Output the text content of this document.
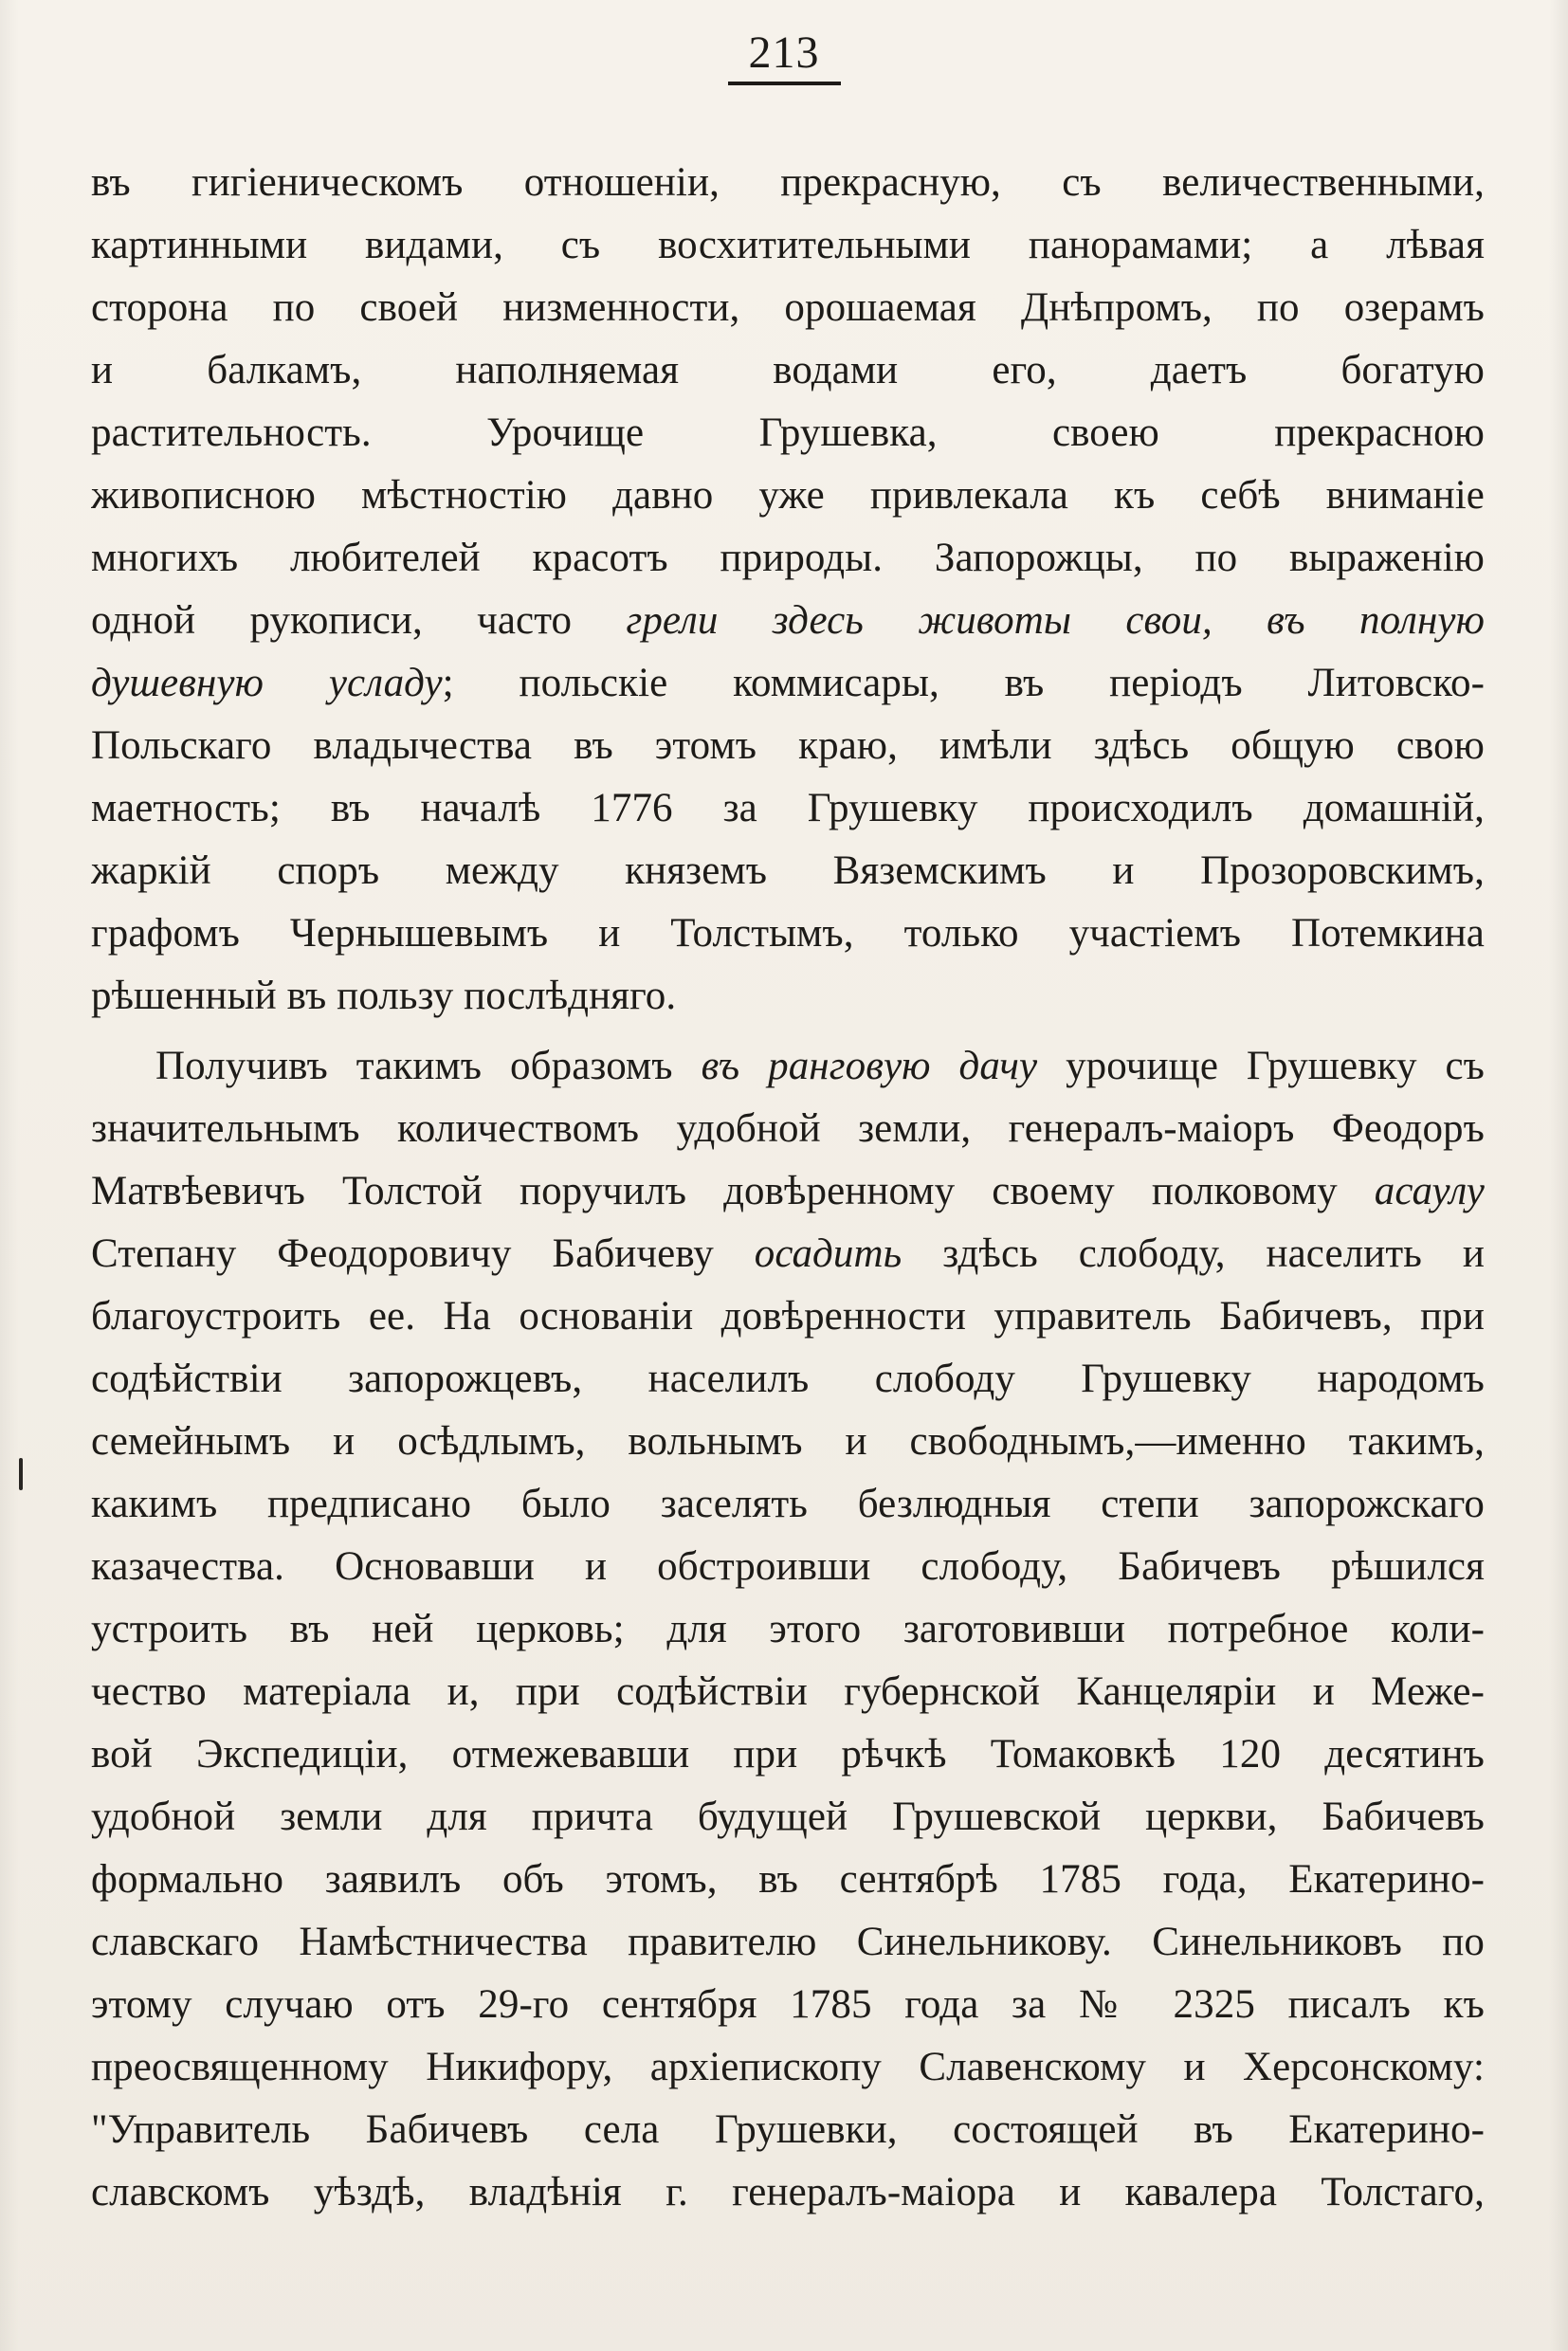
213
въ гигіеническомъ отношеніи, прекрасную, съ величественными,
картинными видами, съ восхитительными панорамами; а лѣвая
сторона по своей низменности, орошаемая Днѣпромъ, по озерамъ
и балкамъ, наполняемая водами его, даетъ богатую
растительность. Урочище Грушевка, своею прекрасною
живописною мѣстностію давно уже привлекала къ себѣ вниманіе
многихъ любителей красотъ природы. Запорожцы, по выраженію
одной рукописи, часто грели здесь животы свои, въ полную
душевную усладу; польскіе коммисары, въ періодъ Литовско-
Польскаго владычества въ этомъ краю, имѣли здѣсь общую свою
маетность; въ началѣ 1776 за Грушевку происходилъ домашній,
жаркій споръ между княземъ Вяземскимъ и Прозоровскимъ,
графомъ Чернышевымъ и Толстымъ, только участіемъ Потемкина
рѣшенный въ пользу послѣдняго.
Получивъ такимъ образомъ въ ранговую дачу урочище Грушевку съ
значительнымъ количествомъ удобной земли, генералъ-маіоръ Феодоръ
Матвѣевичъ Толстой поручилъ довѣренному своему полковому асаулу
Степану Феодоровичу Бабичеву осадить здѣсь слободу, населить и
благоустроить ее. На основаніи довѣренности управитель Бабичевъ, при
содѣйствіи запорожцевъ, населилъ слободу Грушевку народомъ
семейнымъ и осѣдлымъ, вольнымъ и свободнымъ,—именно такимъ,
какимъ предписано было заселять безлюдныя степи запорожскаго
казачества. Основавши и обстроивши слободу, Бабичевъ рѣшился
устроить въ ней церковь; для этого заготовивши потребное коли-
чество матеріала и, при содѣйствіи губернской Канцеляріи и Меже-
вой Экспедиціи, отмежевавши при рѣчкѣ Томаковкѣ 120 десятинъ
удобной земли для причта будущей Грушевской церкви, Бабичевъ
формально заявилъ объ этомъ, въ сентябрѣ 1785 года, Екатерино-
славскаго Намѣстничества правителю Синельникову. Синельниковъ по
этому случаю отъ 29-го сентября 1785 года за № 2325 писалъ къ
преосвященному Никифору, архіепископу Славенскому и Херсонскому:
"Управитель Бабичевъ села Грушевки, состоящей въ Екатерино-
славскомъ уѣздѣ, владѣнія г. генералъ-маіора и кавалера Толстаго,
